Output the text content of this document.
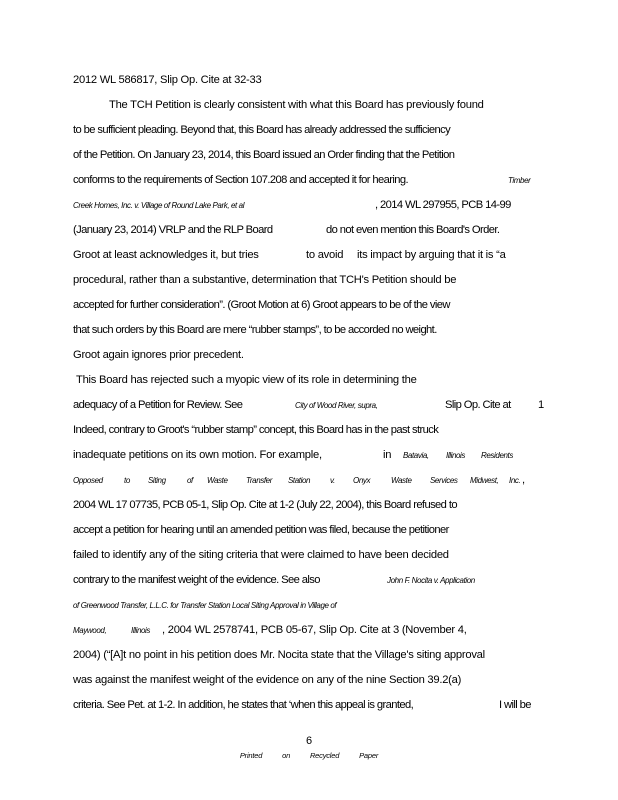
2012 WL 586817, Slip Op. Cite at 32-33
The TCH Petition is clearly consistent with what this Board has previously found
to be sufficient pleading. Beyond that, this Board has already addressed the sufficiency
of the Petition. On January 23, 2014, this Board issued an Order finding that the Petition
conforms to the requirements of Section 107.208 and accepted it for hearing.	Timber
Creek Homes, Inc. v. Village of Round Lake Park, et al	, 2014 WL 297955, PCB 14-99
(January 23, 2014) VRLP and the RLP Board	do not even mention this Board's Order.
Groot at least acknowledges it, but tries	to avoid its impact by arguing that it is “a
procedural, rather than a substantive, determination that TCH's Petition should be
accepted for further consideration”. (Groot Motion at 6) Groot appears to be of the view
that such orders by this Board are mere “rubber stamps”, to be accorded no weight.
Groot again ignores prior precedent.
This Board has rejected such a myopic view of its role in determining the
adequacy of a Petition for Review. See	City of Wood River, supra,	Slip Op. Cite at 1
Indeed, contrary to Groot's “rubber stamp” concept, this Board has in the past struck
inadequate petitions on its own motion. For example,	in Batavia, Illinois Residents
Opposed	to Siting	of Waste Transfer Station v. Onyx	Waste Services Midwest, Inc. ,
2004 WL 17 07735, PCB 05-1, Slip Op. Cite at 1-2 (July 22, 2004), this Board refused to
accept a petition for hearing until an amended petition was filed, because the petitioner
failed to identify any of the siting criteria that were claimed to have been decided
contrary to the manifest weight of the evidence. See also	John F. Nocita v. Application
of Greenwood Transfer, L.L.C. for Transfer Station Local Siting Approval in Village of
Maywood,	Illinois , 2004 WL 2578741, PCB 05-67, Slip Op. Cite at 3 (November 4,
2004) (“[A]t no point in his petition does Mr. Nocita state that the Village's siting approval
was against the manifest weight of the evidence on any of the nine Section 39.2(a)
criteria. See Pet. at 1-2. In addition, he states that ‘when this appeal is granted,	I will be
6
Printed	on	Recycled	Paper
